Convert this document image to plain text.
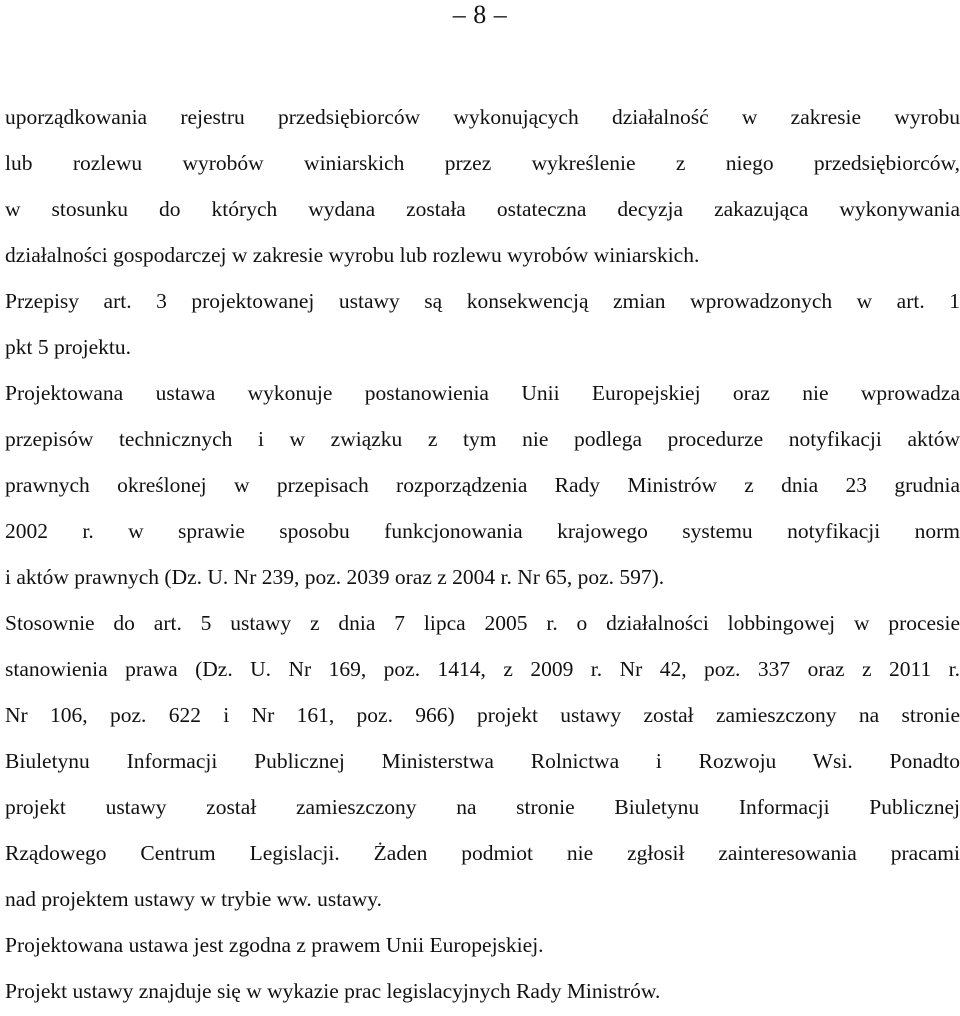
– 8 –
uporządkowania rejestru przedsiębiorców wykonujących działalność w zakresie wyrobu
lub rozlewu wyrobów winiarskich przez wykreślenie z niego przedsiębiorców,
w stosunku do których wydana została ostateczna decyzja zakazująca wykonywania
działalności gospodarczej w zakresie wyrobu lub rozlewu wyrobów winiarskich.
Przepisy art. 3 projektowanej ustawy są konsekwencją zmian wprowadzonych w art. 1
pkt 5 projektu.
Projektowana ustawa wykonuje postanowienia Unii Europejskiej oraz nie wprowadza
przepisów technicznych i w związku z tym nie podlega procedurze notyfikacji aktów
prawnych określonej w przepisach rozporządzenia Rady Ministrów z dnia 23 grudnia
2002 r. w sprawie sposobu funkcjonowania krajowego systemu notyfikacji norm
i aktów prawnych (Dz. U. Nr 239, poz. 2039 oraz z 2004 r. Nr 65, poz. 597).
Stosownie do art. 5 ustawy z dnia 7 lipca 2005 r. o działalności lobbingowej w procesie
stanowienia prawa (Dz. U. Nr 169, poz. 1414, z 2009 r. Nr 42, poz. 337 oraz z 2011 r.
Nr 106, poz. 622 i Nr 161, poz. 966) projekt ustawy został zamieszczony na stronie
Biuletynu Informacji Publicznej Ministerstwa Rolnictwa i Rozwoju Wsi. Ponadto
projekt ustawy został zamieszczony na stronie Biuletynu Informacji Publicznej
Rządowego Centrum Legislacji. Żaden podmiot nie zgłosił zainteresowania pracami
nad projektem ustawy w trybie ww. ustawy.
Projektowana ustawa jest zgodna z prawem Unii Europejskiej.
Projekt ustawy znajduje się w wykazie prac legislacyjnych Rady Ministrów.
